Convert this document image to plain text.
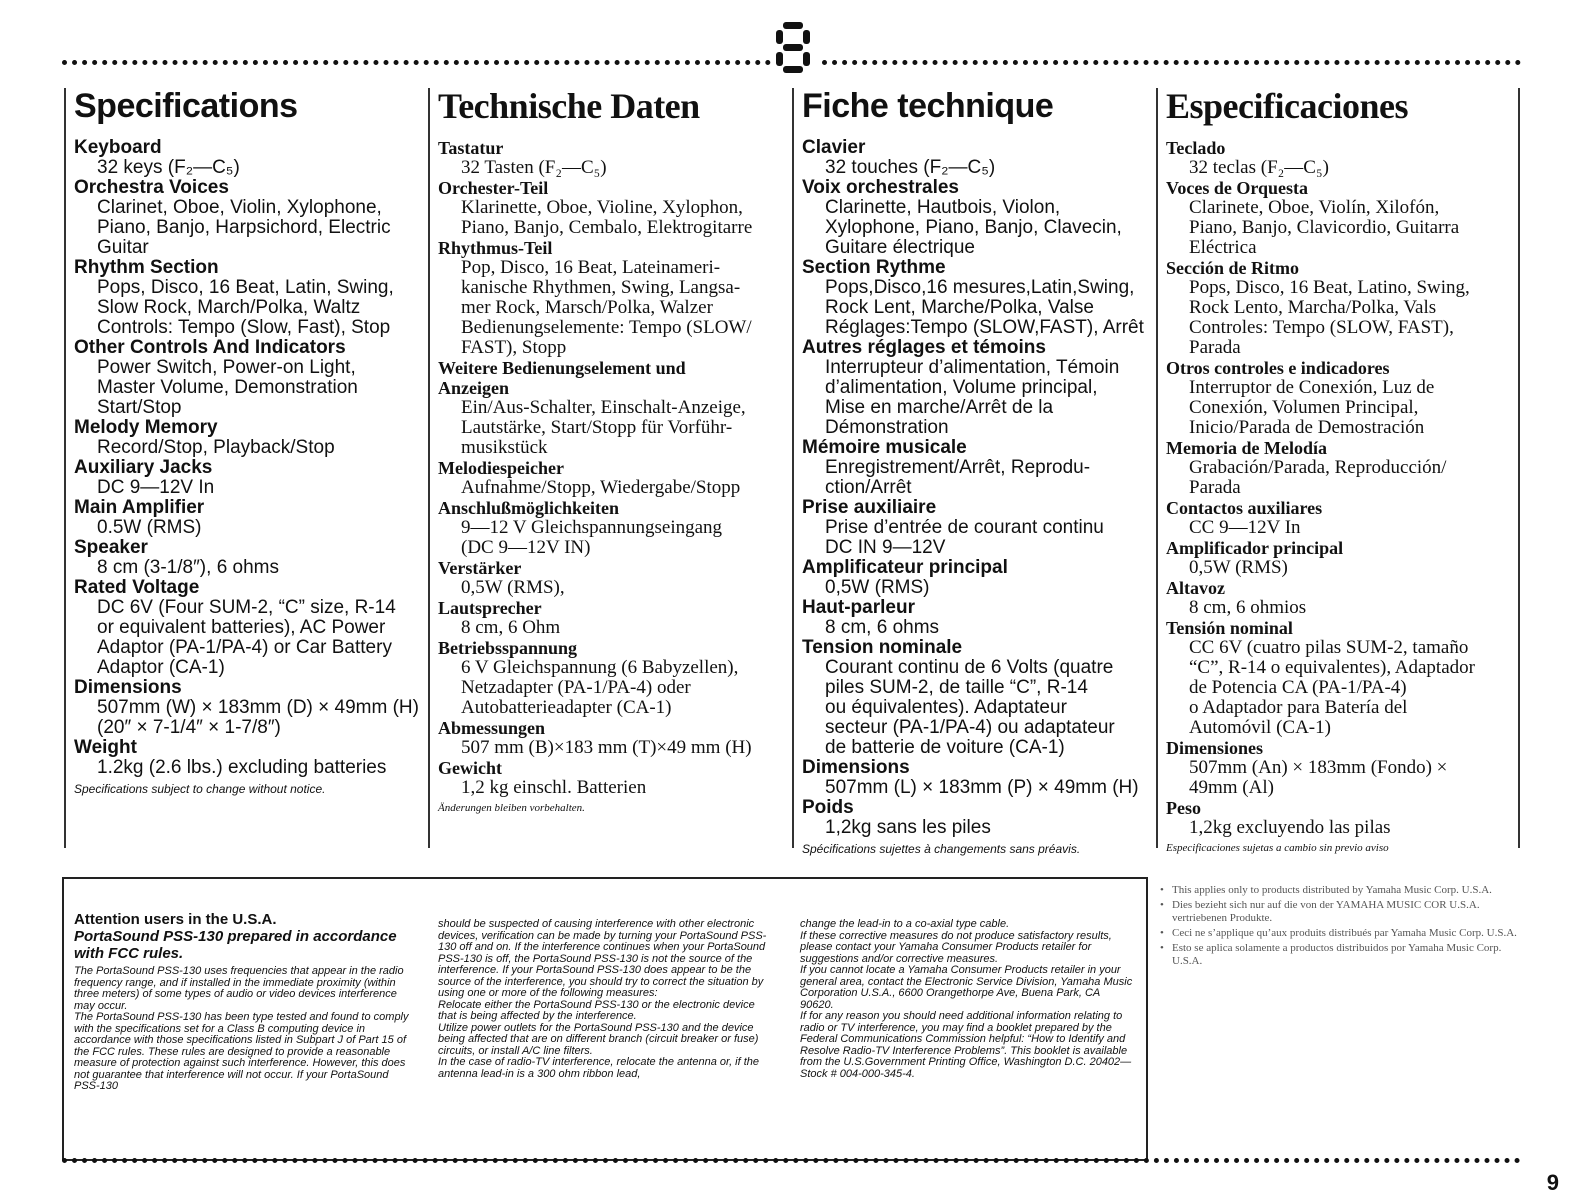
Specifications
Keyboard
32 keys (F₂—C₅)
Orchestra Voices
Clarinet, Oboe, Violin, Xylophone,
Piano, Banjo, Harpsichord, Electric
Guitar
Rhythm Section
Pops, Disco, 16 Beat, Latin, Swing,
Slow Rock, March/Polka, Waltz
Controls: Tempo (Slow, Fast), Stop
Other Controls And Indicators
Power Switch, Power-on Light,
Master Volume, Demonstration
Start/Stop
Melody Memory
Record/Stop, Playback/Stop
Auxiliary Jacks
DC 9—12V In
Main Amplifier
0.5W (RMS)
Speaker
8 cm (3-1/8″), 6 ohms
Rated Voltage
DC 6V (Four SUM-2, “C” size, R-14
or equivalent batteries), AC Power
Adaptor (PA-1/PA-4) or Car Battery
Adaptor (CA-1)
Dimensions
507mm (W) × 183mm (D) × 49mm (H)
(20″ × 7-1/4″ × 1-7/8″)
Weight
1.2kg (2.6 lbs.) excluding batteries
Specifications subject to change without notice.
Technische Daten
Tastatur
32 Tasten (F₂—C₅)
Orchester-Teil
Klarinette, Oboe, Violine, Xylophon,
Piano, Banjo, Cembalo, Elektrogitarre
Rhythmus-Teil
Pop, Disco, 16 Beat, Lateinameri-
kanische Rhythmen, Swing, Langsa-
mer Rock, Marsch/Polka, Walzer
Bedienungselemente: Tempo (SLOW/
FAST), Stopp
Weitere Bedienungselement und
Anzeigen
Ein/Aus-Schalter, Einschalt-Anzeige,
Lautstärke, Start/Stopp für Vorführ-
musikstück
Melodiespeicher
Aufnahme/Stopp, Wiedergabe/Stopp
Anschlußmöglichkeiten
9—12 V Gleichspannungseingang
(DC 9—12V IN)
Verstärker
0,5W (RMS),
Lautsprecher
8 cm, 6 Ohm
Betriebsspannung
6 V Gleichspannung (6 Babyzellen),
Netzadapter (PA-1/PA-4) oder
Autobatterieadapter (CA-1)
Abmessungen
507 mm (B)×183 mm (T)×49 mm (H)
Gewicht
1,2 kg einschl. Batterien
Änderungen bleiben vorbehalten.
Fiche technique
Clavier
32 touches (F₂—C₅)
Voix orchestrales
Clarinette, Hautbois, Violon,
Xylophone, Piano, Banjo, Clavecin,
Guitare électrique
Section Rythme
Pops,Disco,16 mesures,Latin,Swing,
Rock Lent, Marche/Polka, Valse
Réglages:Tempo (SLOW,FAST), Arrêt
Autres réglages et témoins
Interrupteur d’alimentation, Témoin
d’alimentation, Volume principal,
Mise en marche/Arrêt de la
Démonstration
Mémoire musicale
Enregistrement/Arrêt, Reprodu-
ction/Arrêt
Prise auxiliaire
Prise d’entrée de courant continu
DC IN 9—12V
Amplificateur principal
0,5W (RMS)
Haut-parleur
8 cm, 6 ohms
Tension nominale
Courant continu de 6 Volts (quatre
piles SUM-2, de taille “C”, R-14
ou équivalentes). Adaptateur
secteur (PA-1/PA-4) ou adaptateur
de batterie de voiture (CA-1)
Dimensions
507mm (L) × 183mm (P) × 49mm (H)
Poids
1,2kg sans les piles
Spécifications sujettes à changements sans préavis.
Especificaciones
Teclado
32 teclas (F₂—C₅)
Voces de Orquesta
Clarinete, Oboe, Violín, Xilofón,
Piano, Banjo, Clavicordio, Guitarra
Eléctrica
Sección de Ritmo
Pops, Disco, 16 Beat, Latino, Swing,
Rock Lento, Marcha/Polka, Vals
Controles: Tempo (SLOW, FAST),
Parada
Otros controles e indicadores
Interruptor de Conexión, Luz de
Conexión, Volumen Principal,
Inicio/Parada de Demostración
Memoria de Melodía
Grabación/Parada, Reproducción/
Parada
Contactos auxiliares
CC 9—12V In
Amplificador principal
0,5W (RMS)
Altavoz
8 cm, 6 ohmios
Tensión nominal
CC 6V (cuatro pilas SUM-2, tamaño
“C”, R-14 o equivalentes), Adaptador
de Potencia CA (PA-1/PA-4)
o Adaptador para Batería del
Automóvil (CA-1)
Dimensiones
507mm (An) × 183mm (Fondo) ×
49mm (Al)
Peso
1,2kg excluyendo las pilas
Especificaciones sujetas a cambio sin previo aviso
Attention users in the U.S.A.
PortaSound PSS-130 prepared in accordance with FCC rules.
The PortaSound PSS-130 uses frequencies that appear in the radio frequency range, and if installed in the immediate proximity (within three meters) of some types of audio or video devices interference may occur.
The PortaSound PSS-130 has been type tested and found to comply with the specifications set for a Class B computing device in accordance with those specifications listed in Subpart J of Part 15 of the FCC rules. These rules are designed to provide a reasonable measure of protection against such interference. However, this does not guarantee that interference will not occur. If your PortaSound PSS-130
should be suspected of causing interference with other electronic devices, verification can be made by turning your PortaSound PSS-130 off and on. If the interference continues when your PortaSound PSS-130 is off, the PortaSound PSS-130 is not the source of the interference. If your PortaSound PSS-130 does appear to be the source of the interference, you should try to correct the situation by using one or more of the following measures:
Relocate either the PortaSound PSS-130 or the electronic device that is being affected by the interference.
Utilize power outlets for the PortaSound PSS-130 and the device being affected that are on different branch (circuit breaker or fuse) circuits, or install A/C line filters.
In the case of radio-TV interference, relocate the antenna or, if the antenna lead-in is a 300 ohm ribbon lead,
change the lead-in to a co-axial type cable.
If these corrective measures do not produce satisfactory results, please contact your Yamaha Consumer Products retailer for suggestions and/or corrective measures.
If you cannot locate a Yamaha Consumer Products retailer in your general area, contact the Electronic Service Division, Yamaha Music Corporation U.S.A., 6600 Orangethorpe Ave, Buena Park, CA 90620.
If for any reason you should need additional information relating to radio or TV interference, you may find a booklet prepared by the Federal Communications Commission helpful: “How to Identify and Resolve Radio-TV Interference Problems”. This booklet is available from the U.S.Government Printing Office, Washington D.C. 20402—Stock # 004-000-345-4.
• This applies only to products distributed by Yamaha Music Corp. U.S.A.
• Dies bezieht sich nur auf die von der YAMAHA MUSIC COR U.S.A. vertriebenen Produkte.
• Ceci ne s’applique qu’aux produits distribués par Yamaha Music Corp. U.S.A.
• Esto se aplica solamente a productos distribuidos por Yamaha Music Corp. U.S.A.
9
